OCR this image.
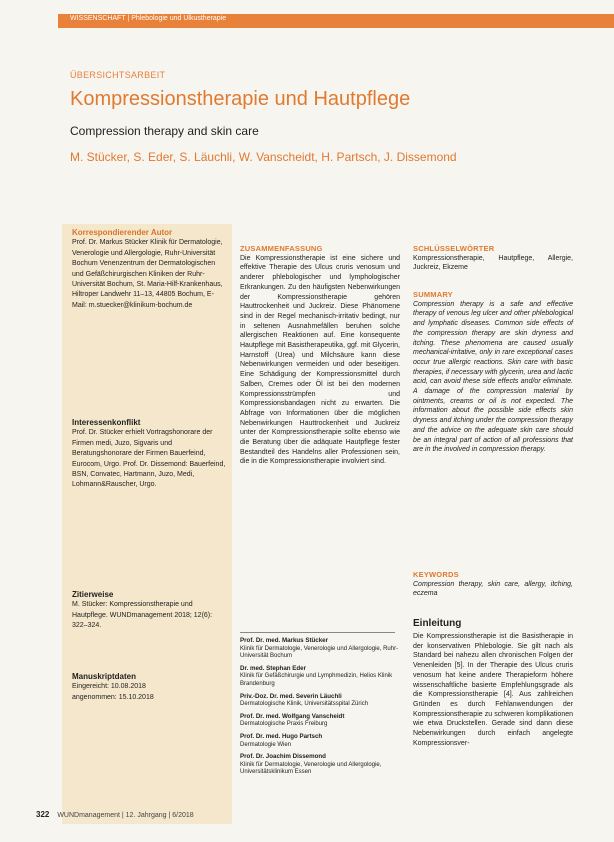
WISSENSCHAFT | Phlebologie und Ulkustherapie
ÜBERSICHTSARBEIT
Kompressionstherapie und Hautpflege
Compression therapy and skin care
M. Stücker, S. Eder, S. Läuchli, W. Vanscheidt, H. Partsch, J. Dissemond
Korrespondierender Autor
Prof. Dr. Markus Stücker Klinik für Dermatologie, Venerologie und Allergologie, Ruhr-Universität Bochum Venenzentrum der Dermatologischen und Gefäßchirurgischen Kliniken der Ruhr-Universität Bochum, St. Maria-Hilf-Krankenhaus, Hiltroper Landwehr 11–13, 44805 Bochum, E-Mail: m.stuecker@klinikum-bochum.de
Interessenkonflikt
Prof. Dr. Stücker erhielt Vortragshonorare der Firmen medi, Juzo, Sigvaris und Beratungshonorare der Firmen Bauerfeind, Eurocom, Urgo. Prof. Dr. Dissemond: Bauerfeind, BSN, Convatec, Hartmann, Juzo, Medi, Lohmann&Rauscher, Urgo.
Zitierweise
M. Stücker: Kompressionstherapie und Hautpflege. WUNDmanagement 2018; 12(6): 322–324.
Manuskriptdaten
Eingereicht: 10.08.2018
angenommen: 15.10.2018
ZUSAMMENFASSUNG
Die Kompressionstherapie ist eine sichere und effektive Therapie des Ulcus cruris venosum und anderer phlebologischer und lymphologischer Erkrankungen. Zu den häufigsten Nebenwirkungen der Kompressionstherapie gehören Hauttrockenheit und Juckreiz. Diese Phänomene sind in der Regel mechanisch-irritativ bedingt, nur in seltenen Ausnahmefällen beruhen solche allergischen Reaktionen auf. Eine konsequente Hautpflege mit Basistherapeutika, ggf. mit Glycerin, Harnstoff (Urea) und Milchsäure kann diese Nebenwirkungen vermeiden und oder beseitigen. Eine Schädigung der Kompressionsmittel durch Salben, Cremes oder Öl ist bei den modernen Kompressionsstrümpfen und Kompressionsbandagen nicht zu erwarten. Die Abfrage von Informationen über die möglichen Nebenwirkungen Hauttrockenheit und Juckreiz unter der Kompressionstherapie sollte ebenso wie die Beratung über die adäquate Hautpflege fester Bestandteil des Handelns aller Professionen sein, die in die Kompressionstherapie involviert sind.
Prof. Dr. med. Markus Stücker
Klinik für Dermatologie, Venerologie und Allergologie, Ruhr-Universität Bochum
Dr. med. Stephan Eder
Klinik für Gefäßchirurgie und Lymphmedizin, Helios Klinik Brandenburg
Priv.-Doz. Dr. med. Severin Läuchli
Dermatologische Klinik, Universitätsspital Zürich
Prof. Dr. med. Wolfgang Vanscheidt
Dermatologische Praxis Freiburg
Prof. Dr. med. Hugo Partsch
Dermatologie Wien
Prof. Dr. Joachim Dissemond
Klinik für Dermatologie, Venerologie und Allergologie, Universitätsklinikum Essen
SCHLÜSSELWÖRTER
Kompressionstherapie, Hautpflege, Allergie, Juckreiz, Ekzeme
SUMMARY
Compression therapy is a safe and effective therapy of venous leg ulcer and other phlebological and lymphatic diseases. Common side effects of the compression therapy are skin dryness and itching. These phenomena are caused usually mechanical-irritative, only in rare exceptional cases occur true allergic reactions. Skin care with basic therapies, if necessary with glycerin, urea and lactic acid, can avoid these side effects and/or eliminate. A damage of the compression material by ointments, creams or oil is not expected. The information about the possible side effects skin dryness and itching under the compression therapy and the advice on the adequate skin care should be an integral part of action of all professions that are in the involved in compression therapy.
KEYWORDS
Compression therapy, skin care, allergy, itching, eczema
Einleitung
Die Kompressionstherapie ist die Basistherapie in der konservativen Phlebologie. Sie gilt nach als Standard bei nahezu allen chronischen Folgen der Venenleiden [5]. In der Therapie des Ulcus cruris venosum hat keine andere Therapieform höhere wissenschaftliche basierte Empfehlungsgrade als die Kompressionstherapie [4]. Aus zahlreichen Gründen es durch Fehlanwendungen der Kompressionstherapie zu schweren komplikationen wie etwa Druckstellen. Gerade sind dann diese Nebenwirkungen durch einfach angelegte Kompressionsver-
322 WUNDmanagement | 12. Jahrgang | 6/2018
